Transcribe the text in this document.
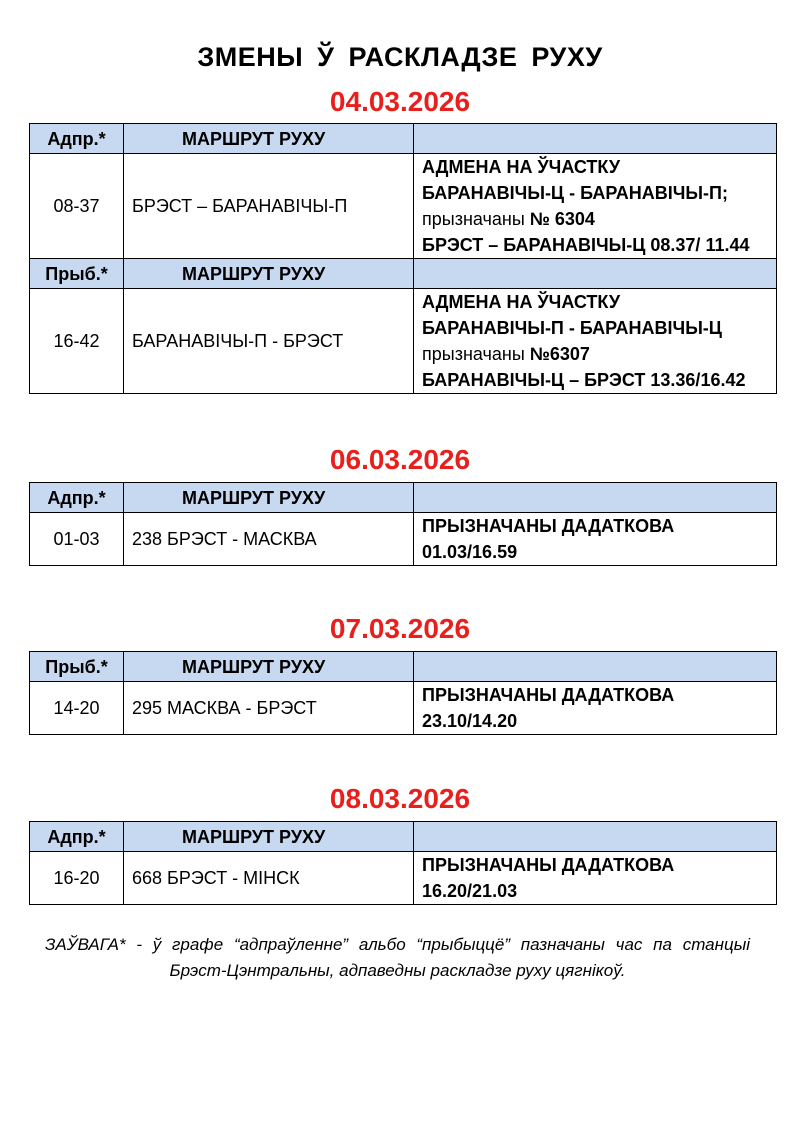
ЗМЕНЫ Ў РАСКЛАДЗЕ РУХУ
04.03.2026
Адпр.*	МАРШРУТ РУХУ	
08-37	БРЭСТ – БАРАНАВІЧЫ-П	АДМЕНА НА ЎЧАСТКУ
БАРАНАВІЧЫ-Ц - БАРАНАВІЧЫ-П;
прызначаны № 6304
БРЭСТ – БАРАНАВІЧЫ-Ц 08.37/ 11.44

Прыб.*	МАРШРУТ РУХУ	
16-42	БАРАНАВІЧЫ-П - БРЭСТ	АДМЕНА НА ЎЧАСТКУ
БАРАНАВІЧЫ-П - БАРАНАВІЧЫ-Ц
прызначаны №6307
БАРАНАВІЧЫ-Ц – БРЭСТ 13.36/16.42
06.03.2026
Адпр.*	МАРШРУТ РУХУ	
01-03	238 БРЭСТ - МАСКВА	ПРЫЗНАЧАНЫ ДАДАТКОВА
01.03/16.59
07.03.2026
Прыб.*	МАРШРУТ РУХУ	
14-20	295 МАСКВА - БРЭСТ	ПРЫЗНАЧАНЫ ДАДАТКОВА
23.10/14.20
08.03.2026
Адпр.*	МАРШРУТ РУХУ	
16-20	668 БРЭСТ - МІНСК	ПРЫЗНАЧАНЫ ДАДАТКОВА
16.20/21.03
ЗАЎВАГА* - ў графе “адпраўленне” альбо “прыбыццё” пазначаны час па станцыі Брэст-Цэнтральны, адпаведны раскладзе руху цягнікоў.
